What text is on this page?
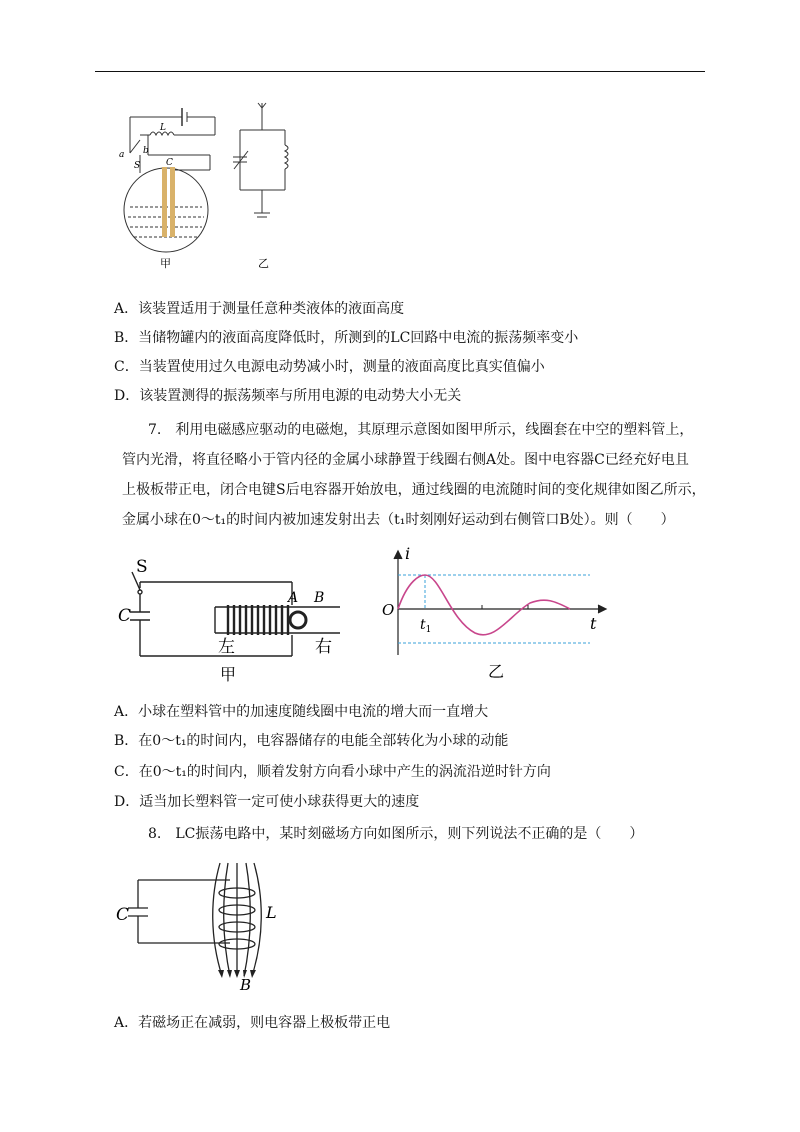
a b
S	C
L
甲	乙
A．该装置适用于测量任意种类液体的液面高度
B．当储物罐内的液面高度降低时，所测到的LC回路中电流的振荡频率变小
C．当装置使用过久电源电动势减小时，测量的液面高度比真实值偏小
D．该装置测得的振荡频率与所用电源的电动势大小无关
7.　利用电磁感应驱动的电磁炮，其原理示意图如图甲所示，线圈套在中空的塑料管上，
管内光滑，将直径略小于管内径的金属小球静置于线圈右侧A处。图中电容器C已经充好电且
上极板带正电，闭合电键S后电容器开始放电，通过线圈的电流随时间的变化规律如图乙所示，
金属小球在0～t₁的时间内被加速发射出去（t₁时刻刚好运动到右侧管口B处）。则（　　）
C
S
A B
左	右
甲
i
O
$t_1$	t
乙
A．小球在塑料管中的加速度随线圈中电流的增大而一直增大
B．在0～t₁的时间内，电容器储存的电能全部转化为小球的动能
C．在0～t₁的时间内，顺着发射方向看小球中产生的涡流沿逆时针方向
D．适当加长塑料管一定可使小球获得更大的速度
8.　LC振荡电路中，某时刻磁场方向如图所示，则下列说法不正确的是（　　）
C	L
B
A．若磁场正在减弱，则电容器上极板带正电
